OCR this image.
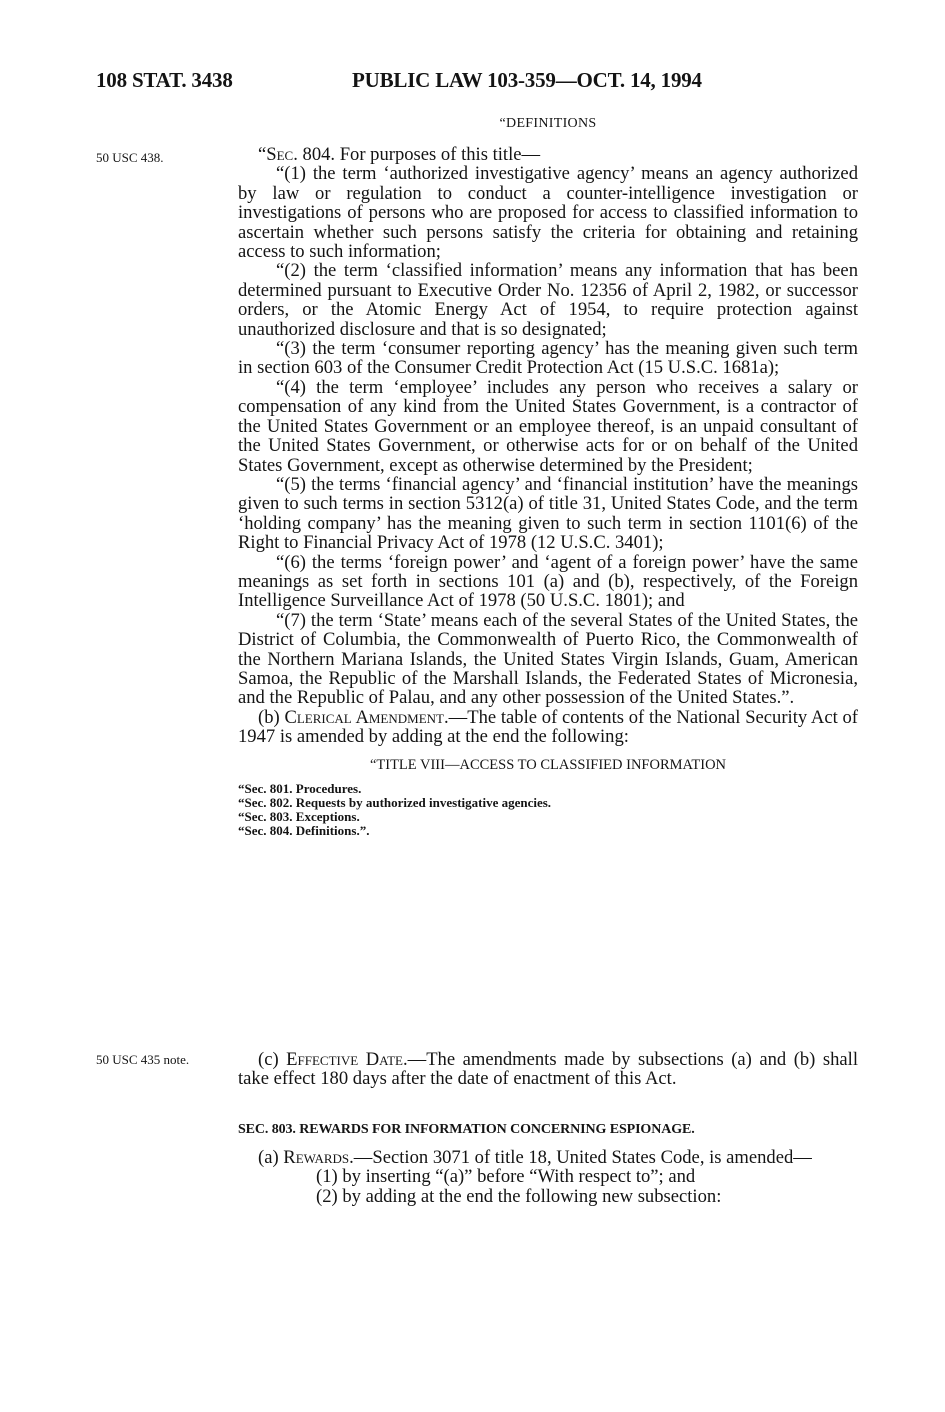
108 STAT. 3438	PUBLIC LAW 103-359—OCT. 14, 1994
50 USC 438.
50 USC 435 note.
“DEFINITIONS

“Sec. 804. For purposes of this title—

“(1) the term ‘authorized investigative agency’ means an agency authorized by law or regulation to conduct a counter-intelligence investigation or investigations of persons who are proposed for access to classified information to ascertain whether such persons satisfy the criteria for obtaining and retaining access to such information;

“(2) the term ‘classified information’ means any information that has been determined pursuant to Executive Order No. 12356 of April 2, 1982, or successor orders, or the Atomic Energy Act of 1954, to require protection against unauthorized disclosure and that is so designated;

“(3) the term ‘consumer reporting agency’ has the meaning given such term in section 603 of the Consumer Credit Protection Act (15 U.S.C. 1681a);

“(4) the term ‘employee’ includes any person who receives a salary or compensation of any kind from the United States Government, is a contractor of the United States Government or an employee thereof, is an unpaid consultant of the United States Government, or otherwise acts for or on behalf of the United States Government, except as otherwise determined by the President;

“(5) the terms ‘financial agency’ and ‘financial institution’ have the meanings given to such terms in section 5312(a) of title 31, United States Code, and the term ‘holding company’ has the meaning given to such term in section 1101(6) of the Right to Financial Privacy Act of 1978 (12 U.S.C. 3401);

“(6) the terms ‘foreign power’ and ‘agent of a foreign power’ have the same meanings as set forth in sections 101 (a) and (b), respectively, of the Foreign Intelligence Surveillance Act of 1978 (50 U.S.C. 1801); and

“(7) the term ‘State’ means each of the several States of the United States, the District of Columbia, the Commonwealth of Puerto Rico, the Commonwealth of the Northern Mariana Islands, the United States Virgin Islands, Guam, American Samoa, the Republic of the Marshall Islands, the Federated States of Micronesia, and the Republic of Palau, and any other possession of the United States.”.

(b) Clerical Amendment.—The table of contents of the National Security Act of 1947 is amended by adding at the end the following:

“TITLE VIII—ACCESS TO CLASSIFIED INFORMATION
“Sec. 801. Procedures.
“Sec. 802. Requests by authorized investigative agencies.
“Sec. 803. Exceptions.
“Sec. 804. Definitions.”.

(c) Effective Date.—The amendments made by subsections (a) and (b) shall take effect 180 days after the date of enactment of this Act.

SEC. 803. REWARDS FOR INFORMATION CONCERNING ESPIONAGE.

(a) Rewards.—Section 3071 of title 18, United States Code, is amended—

(1) by inserting “(a)” before “With respect to”; and

(2) by adding at the end the following new subsection:
